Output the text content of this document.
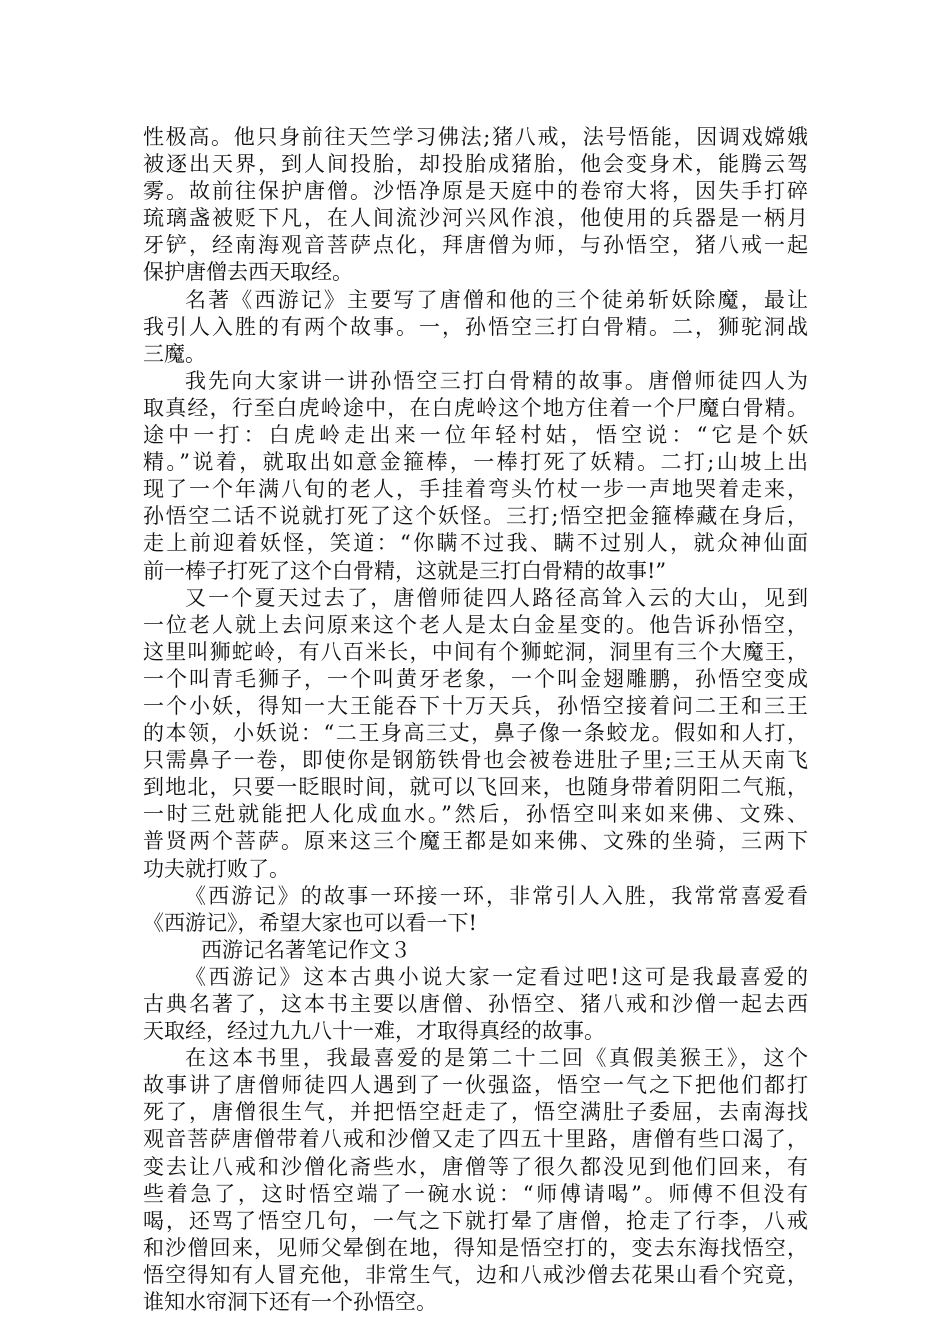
性极高。他只身前往天竺学习佛法;猪八戒，法号悟能，因调戏嫦娥
被逐出天界，到人间投胎，却投胎成猪胎，他会变身术，能腾云驾
雾。故前往保护唐僧。沙悟净原是天庭中的卷帘大将，因失手打碎
琉璃盏被贬下凡，在人间流沙河兴风作浪，他使用的兵器是一柄月
牙铲，经南海观音菩萨点化，拜唐僧为师，与孙悟空，猪八戒一起
保护唐僧去西天取经。
名著《西游记》主要写了唐僧和他的三个徒弟斩妖除魔，最让
我引人入胜的有两个故事。一，孙悟空三打白骨精。二，狮驼洞战
三魔。
我先向大家讲一讲孙悟空三打白骨精的故事。唐僧师徒四人为
取真经，行至白虎岭途中，在白虎岭这个地方住着一个尸魔白骨精。
途中一打：白虎岭走出来一位年轻村姑，悟空说：“它是个妖
精。”说着，就取出如意金箍棒，一棒打死了妖精。二打;山坡上出
现了一个年满八旬的老人，手挂着弯头竹杖一步一声地哭着走来，
孙悟空二话不说就打死了这个妖怪。三打;悟空把金箍棒藏在身后，
走上前迎着妖怪，笑道：“你瞒不过我、瞒不过别人，就众神仙面
前一棒子打死了这个白骨精，这就是三打白骨精的故事!”
又一个夏天过去了，唐僧师徒四人路径高耸入云的大山，见到
一位老人就上去问原来这个老人是太白金星变的。他告诉孙悟空，
这里叫狮蛇岭，有八百米长，中间有个狮蛇洞，洞里有三个大魔王，
一个叫青毛狮子，一个叫黄牙老象，一个叫金翅雕鹏，孙悟空变成
一个小妖，得知一大王能吞下十万天兵，孙悟空接着问二王和三王
的本领，小妖说：“二王身高三丈，鼻子像一条蛟龙。假如和人打，
只需鼻子一卷，即使你是钢筋铁骨也会被卷进肚子里;三王从天南飞
到地北，只要一眨眼时间，就可以飞回来，也随身带着阴阳二气瓶，
一时三兙就能把人化成血水。”然后，孙悟空叫来如来佛、文殊、
普贤两个菩萨。原来这三个魔王都是如来佛、文殊的坐骑，三两下
功夫就打败了。
《西游记》的故事一环接一环，非常引人入胜，我常常喜爱看
《西游记》，希望大家也可以看一下!
西游记名著笔记作文３
《西游记》这本古典小说大家一定看过吧!这可是我最喜爱的
古典名著了，这本书主要以唐僧、孙悟空、猪八戒和沙僧一起去西
天取经，经过九九八十一难，才取得真经的故事。
在这本书里，我最喜爱的是第二十二回《真假美猴王》，这个
故事讲了唐僧师徒四人遇到了一伙强盗，悟空一气之下把他们都打
死了，唐僧很生气，并把悟空赶走了，悟空满肚子委屈，去南海找
观音菩萨唐僧带着八戒和沙僧又走了四五十里路，唐僧有些口渴了，
变去让八戒和沙僧化斋些水，唐僧等了很久都没见到他们回来，有
些着急了，这时悟空端了一碗水说：“师傅请喝”。师傅不但没有
喝，还骂了悟空几句，一气之下就打晕了唐僧，抢走了行李，八戒
和沙僧回来，见师父晕倒在地，得知是悟空打的，变去东海找悟空，
悟空得知有人冒充他，非常生气，边和八戒沙僧去花果山看个究竟，
谁知水帘洞下还有一个孙悟空。
